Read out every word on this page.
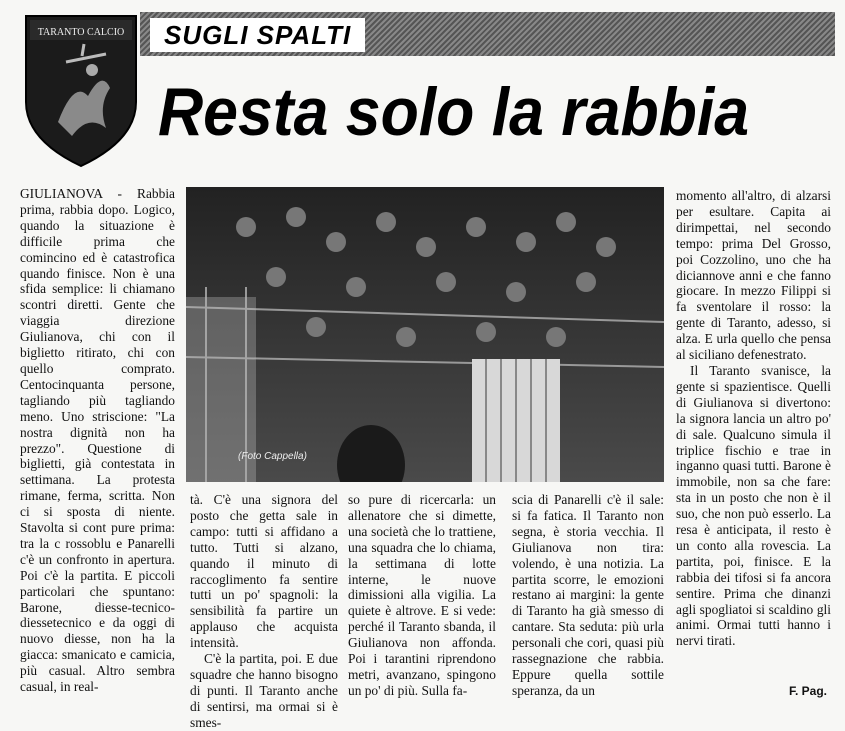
TARANTO CALCIO	SUGLI SPALTI
Resta solo la rabbia

GIULIANOVA - Rabbia prima, rabbia dopo. Logico, quando la situazione è difficile prima che comincino ed è catastrofica quando finisce. Non è una sfida semplice: li chiamano scontri diretti. Gente che viaggia direzione Giulianova, chi con il biglietto ritirato, chi con quello comprato. Centocinquanta persone, tagliando più tagliando meno. Uno striscione: "La nostra dignità non ha prezzo". Questione di biglietti, già contestata in settimana. La protesta rimane, ferma, scritta. Non ci si sposta di niente. Stavolta si cont pure prima: tra la c rossoblu e Panarelli c'è un confronto in apertura. Poi c'è la partita. E piccoli particolari che spuntano: Barone, diesse-tecnico-diessetecnico e da oggi di nuovo diesse, non ha la giacca: smanicato e camicia, più casual. Altro sembra casual, in real-

(Foto Cappella)

tà. C'è una signora del posto che getta sale in campo: tutti si affidano a tutto. Tutti si alzano, quando il minuto di raccoglimento fa sentire tutti un po' spagnoli: la sensibilità fa partire un applauso che acquista intensità.

C'è la partita, poi. E due squadre che hanno bisogno di punti. Il Taranto anche di sentirsi, ma ormai si è smes-

so pure di ricercarla: un allenatore che si dimette, una società che lo trattiene, una squadra che lo chiama, la settimana di lotte interne, le nuove dimissioni alla vigilia. La quiete è altrove. E si vede: perché il Taranto sbanda, il Giulianova non affonda. Poi i tarantini riprendono metri, avanzano, spingono un po' di più. Sulla fa-

scia di Panarelli c'è il sale: si fa fatica. Il Taranto non segna, è storia vecchia. Il Giulianova non tira: volendo, è una notizia. La partita scorre, le emozioni restano ai margini: la gente di Taranto ha già smesso di cantare. Sta seduta: più urla personali che cori, quasi più rassegnazione che rabbia. Eppure quella sottile speranza, da un

momento all'altro, di alzarsi per esultare. Capita ai dirimpettai, nel secondo tempo: prima Del Grosso, poi Cozzolino, uno che ha diciannove anni e che fanno giocare. In mezzo Filippi si fa sventolare il rosso: la gente di Taranto, adesso, si alza. E urla quello che pensa al siciliano defenestrato.

Il Taranto svanisce, la gente si spazientisce. Quelli di Giulianova si divertono: la signora lancia un altro po' di sale. Qualcuno simula il triplice fischio e trae in inganno quasi tutti. Barone è immobile, non sa che fare: sta in un posto che non è il suo, che non può esserlo. La resa è anticipata, il resto è un conto alla rovescia. La partita, poi, finisce. E la rabbia dei tifosi si fa ancora sentire. Prima che dinanzi agli spogliatoi si scaldino gli animi. Ormai tutti hanno i nervi tirati.

F. Pag.
